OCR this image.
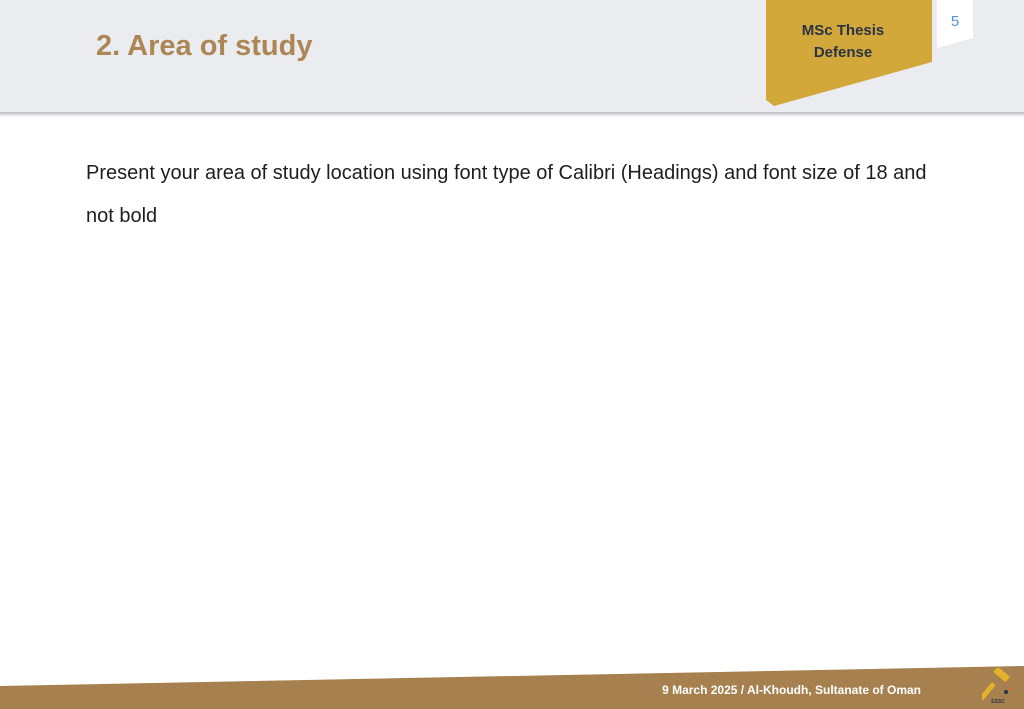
2. Area of study	MSc Thesis
Defense
5

Present your area of study location using font type of Calibri (Headings) and font size of 18 and not bold

9 March 2025 / Al-Khoudh, Sultanate of Oman
ESSC
